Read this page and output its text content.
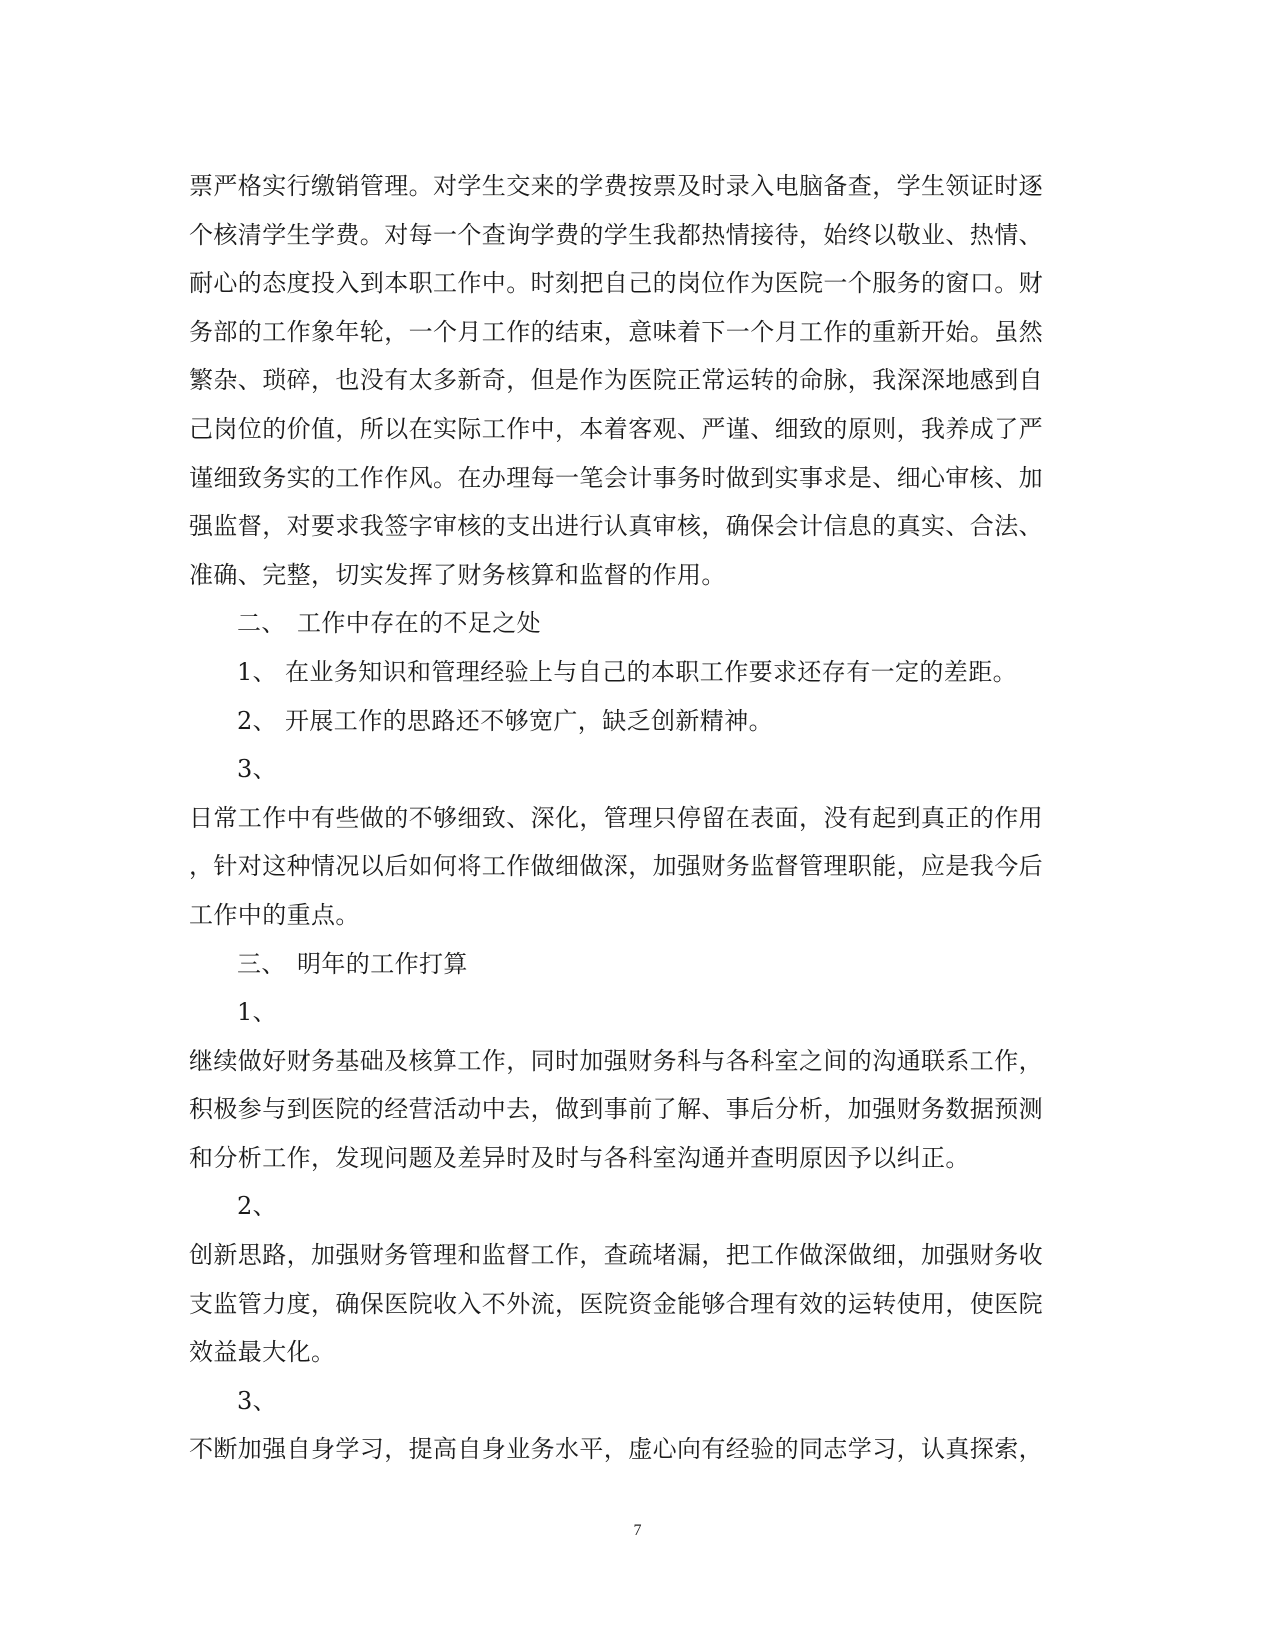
票严格实行缴销管理。对学生交来的学费按票及时录入电脑备查，学生领证时逐
个核清学生学费。对每一个查询学费的学生我都热情接待，始终以敬业、热情、
耐心的态度投入到本职工作中。时刻把自己的岗位作为医院一个服务的窗口。财
务部的工作象年轮，一个月工作的结束，意味着下一个月工作的重新开始。虽然
繁杂、琐碎，也没有太多新奇，但是作为医院正常运转的命脉，我深深地感到自
己岗位的价值，所以在实际工作中，本着客观、严谨、细致的原则，我养成了严
谨细致务实的工作作风。在办理每一笔会计事务时做到实事求是、细心审核、加
强监督，对要求我签字审核的支出进行认真审核，确保会计信息的真实、合法、
准确、完整，切实发挥了财务核算和监督的作用。
二、 工作中存在的不足之处
1、 在业务知识和管理经验上与自己的本职工作要求还存有一定的差距。
2、 开展工作的思路还不够宽广，缺乏创新精神。
3、
日常工作中有些做的不够细致、深化，管理只停留在表面，没有起到真正的作用
，针对这种情况以后如何将工作做细做深，加强财务监督管理职能，应是我今后
工作中的重点。
三、 明年的工作打算
1、
继续做好财务基础及核算工作，同时加强财务科与各科室之间的沟通联系工作，
积极参与到医院的经营活动中去，做到事前了解、事后分析，加强财务数据预测
和分析工作，发现问题及差异时及时与各科室沟通并查明原因予以纠正。
2、
创新思路，加强财务管理和监督工作，查疏堵漏，把工作做深做细，加强财务收
支监管力度，确保医院收入不外流，医院资金能够合理有效的运转使用，使医院
效益最大化。
3、
不断加强自身学习，提高自身业务水平，虚心向有经验的同志学习，认真探索，
7
